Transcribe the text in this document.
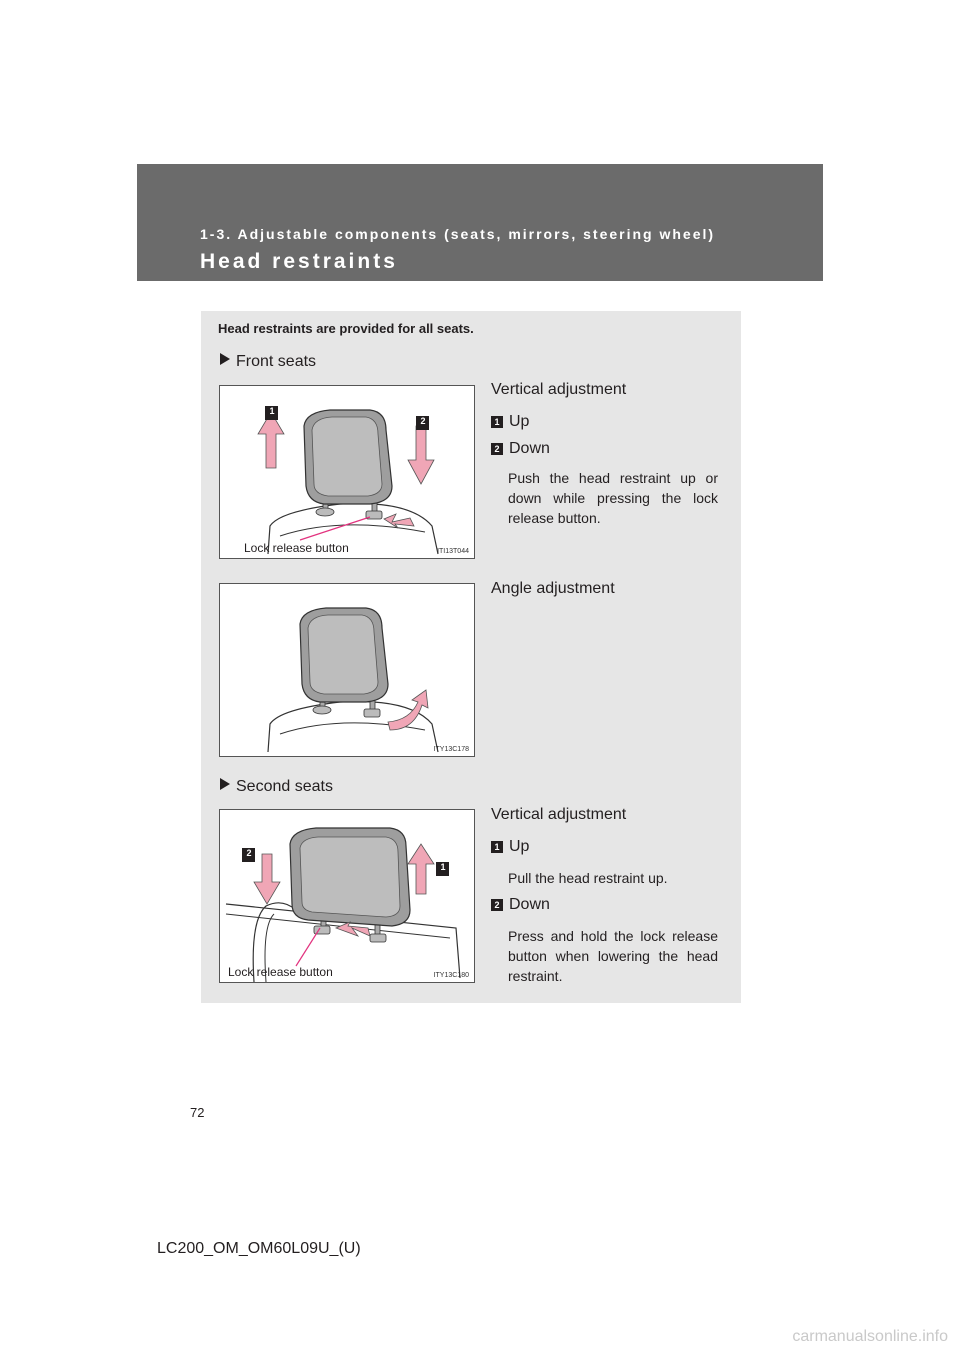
1-3. Adjustable components (seats, mirrors, steering wheel)
Head restraints
Head restraints are provided for all seats.
Front seats
1
2
Lock release button	ITI13T044
Vertical adjustment
1 Up
2 Down
Push the head restraint up or down while pressing the lock release button.
ITY13C178
Angle adjustment
Second seats
2
1
Lock release button	ITY13C180
Vertical adjustment
1 Up
Pull the head restraint up.
2 Down
Press and hold the lock release button when lowering the head restraint.
72
LC200_OM_OM60L09U_(U)
carmanualsonline.info
